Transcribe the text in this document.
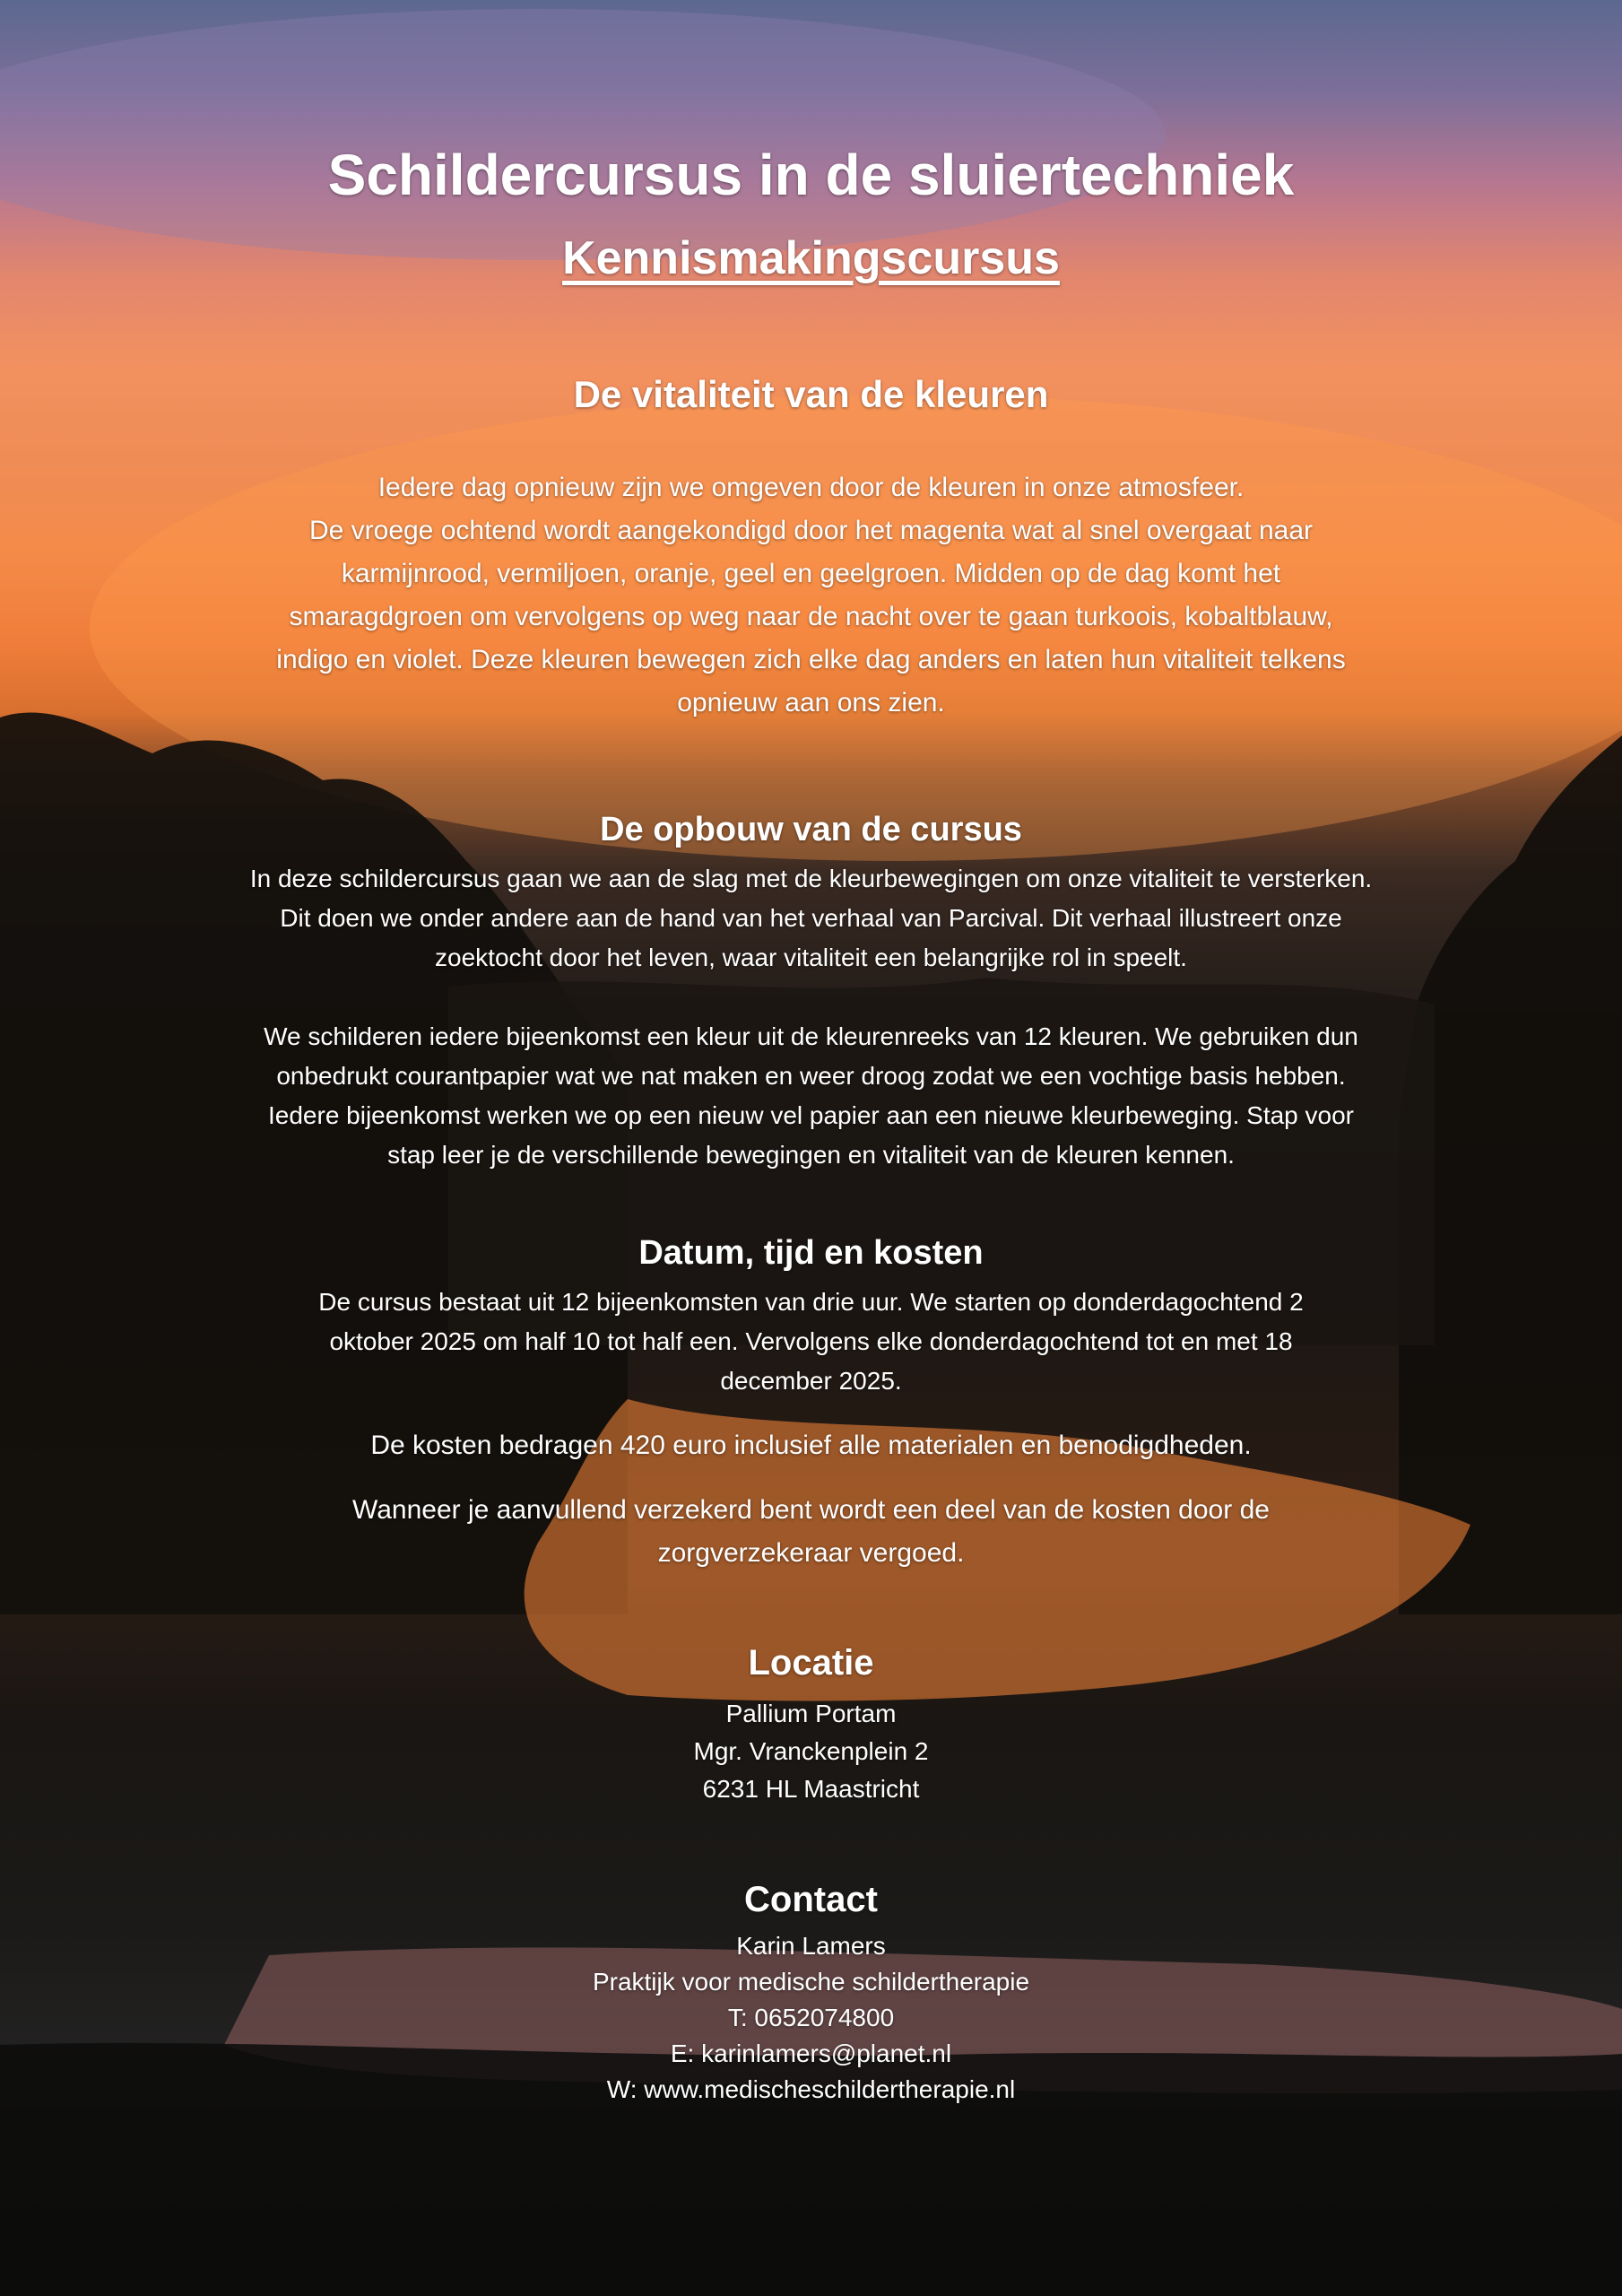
Schildercursus in de sluiertechniek
Kennismakingscursus
De vitaliteit van de kleuren
Iedere dag opnieuw zijn we omgeven door de kleuren in onze atmosfeer.
De vroege ochtend wordt aangekondigd door het magenta wat al snel overgaat naar
karmijnrood, vermiljoen, oranje, geel en geelgroen. Midden op de dag komt het
smaragdgroen om vervolgens op weg naar de nacht over te gaan turkoois, kobaltblauw,
indigo en violet. Deze kleuren bewegen zich elke dag anders en laten hun vitaliteit telkens
opnieuw aan ons zien.
De opbouw van de cursus
In deze schildercursus gaan we aan de slag met de kleurbewegingen om onze vitaliteit te versterken.
Dit doen we onder andere aan de hand van het verhaal van Parcival. Dit verhaal illustreert onze
zoektocht door het leven, waar vitaliteit een belangrijke rol in speelt.
We schilderen iedere bijeenkomst een kleur uit de kleurenreeks van 12 kleuren. We gebruiken dun
onbedrukt courantpapier wat we nat maken en weer droog zodat we een vochtige basis hebben.
Iedere bijeenkomst werken we op een nieuw vel papier aan een nieuwe kleurbeweging. Stap voor
stap leer je de verschillende bewegingen en vitaliteit van de kleuren kennen.
Datum, tijd en kosten
De cursus bestaat uit 12 bijeenkomsten van drie uur. We starten op donderdagochtend 2
oktober 2025 om half 10 tot half een. Vervolgens elke donderdagochtend tot en met 18
december 2025.
De kosten bedragen 420 euro inclusief alle materialen en benodigdheden.
Wanneer je aanvullend verzekerd bent wordt een deel van de kosten door de
zorgverzekeraar vergoed.
Locatie
Pallium Portam
Mgr. Vranckenplein 2
6231 HL Maastricht
Contact
Karin Lamers
Praktijk voor medische schildertherapie
T: 0652074800
E: karinlamers@planet.nl
W: www.medischeschildertherapie.nl
